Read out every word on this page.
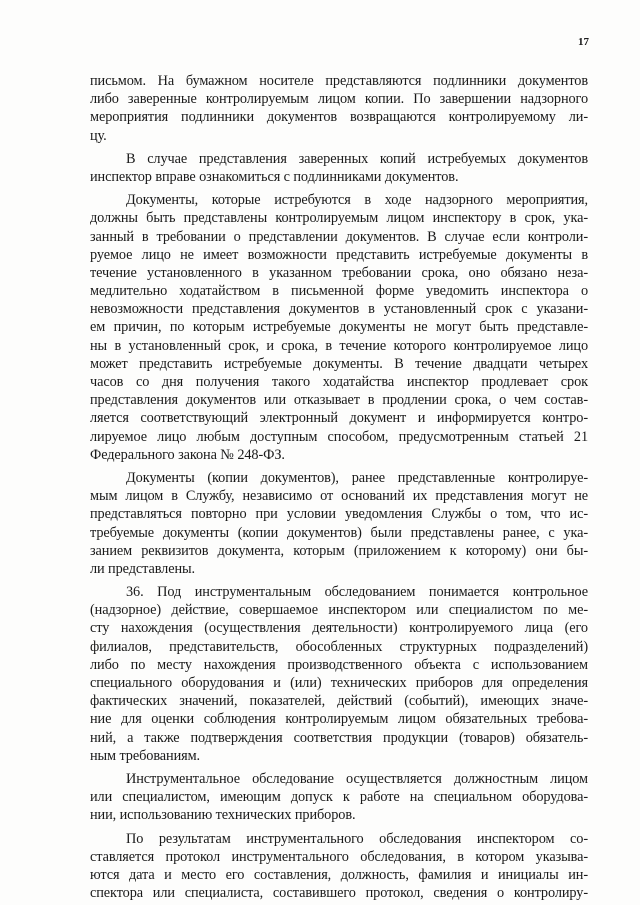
17
письмом. На бумажном носителе представляются подлинники документов
либо заверенные контролируемым лицом копии. По завершении надзорного
мероприятия подлинники документов возвращаются контролируемому ли-
цу.
В случае представления заверенных копий истребуемых документов
инспектор вправе ознакомиться с подлинниками документов.
Документы, которые истребуются в ходе надзорного мероприятия,
должны быть представлены контролируемым лицом инспектору в срок, ука-
занный в требовании о представлении документов. В случае если контроли-
руемое лицо не имеет возможности представить истребуемые документы в
течение установленного в указанном требовании срока, оно обязано неза-
медлительно ходатайством в письменной форме уведомить инспектора о
невозможности представления документов в установленный срок с указани-
ем причин, по которым истребуемые документы не могут быть представле-
ны в установленный срок, и срока, в течение которого контролируемое лицо
может представить истребуемые документы. В течение двадцати четырех
часов со дня получения такого ходатайства инспектор продлевает срок
представления документов или отказывает в продлении срока, о чем состав-
ляется соответствующий электронный документ и информируется контро-
лируемое лицо любым доступным способом, предусмотренным статьей 21
Федерального закона № 248-ФЗ.
Документы (копии документов), ранее представленные контролируе-
мым лицом в Службу, независимо от оснований их представления могут не
представляться повторно при условии уведомления Службы о том, что ис-
требуемые документы (копии документов) были представлены ранее, с ука-
занием реквизитов документа, которым (приложением к которому) они бы-
ли представлены.
36. Под инструментальным обследованием понимается контрольное
(надзорное) действие, совершаемое инспектором или специалистом по ме-
сту нахождения (осуществления деятельности) контролируемого лица (его
филиалов, представительств, обособленных структурных подразделений)
либо по месту нахождения производственного объекта с использованием
специального оборудования и (или) технических приборов для определения
фактических значений, показателей, действий (событий), имеющих значе-
ние для оценки соблюдения контролируемым лицом обязательных требова-
ний, а также подтверждения соответствия продукции (товаров) обязатель-
ным требованиям.
Инструментальное обследование осуществляется должностным лицом
или специалистом, имеющим допуск к работе на специальном оборудова-
нии, использованию технических приборов.
По результатам инструментального обследования инспектором со-
ставляется протокол инструментального обследования, в котором указыва-
ются дата и место его составления, должность, фамилия и инициалы ин-
спектора или специалиста, составившего протокол, сведения о контролиру-
